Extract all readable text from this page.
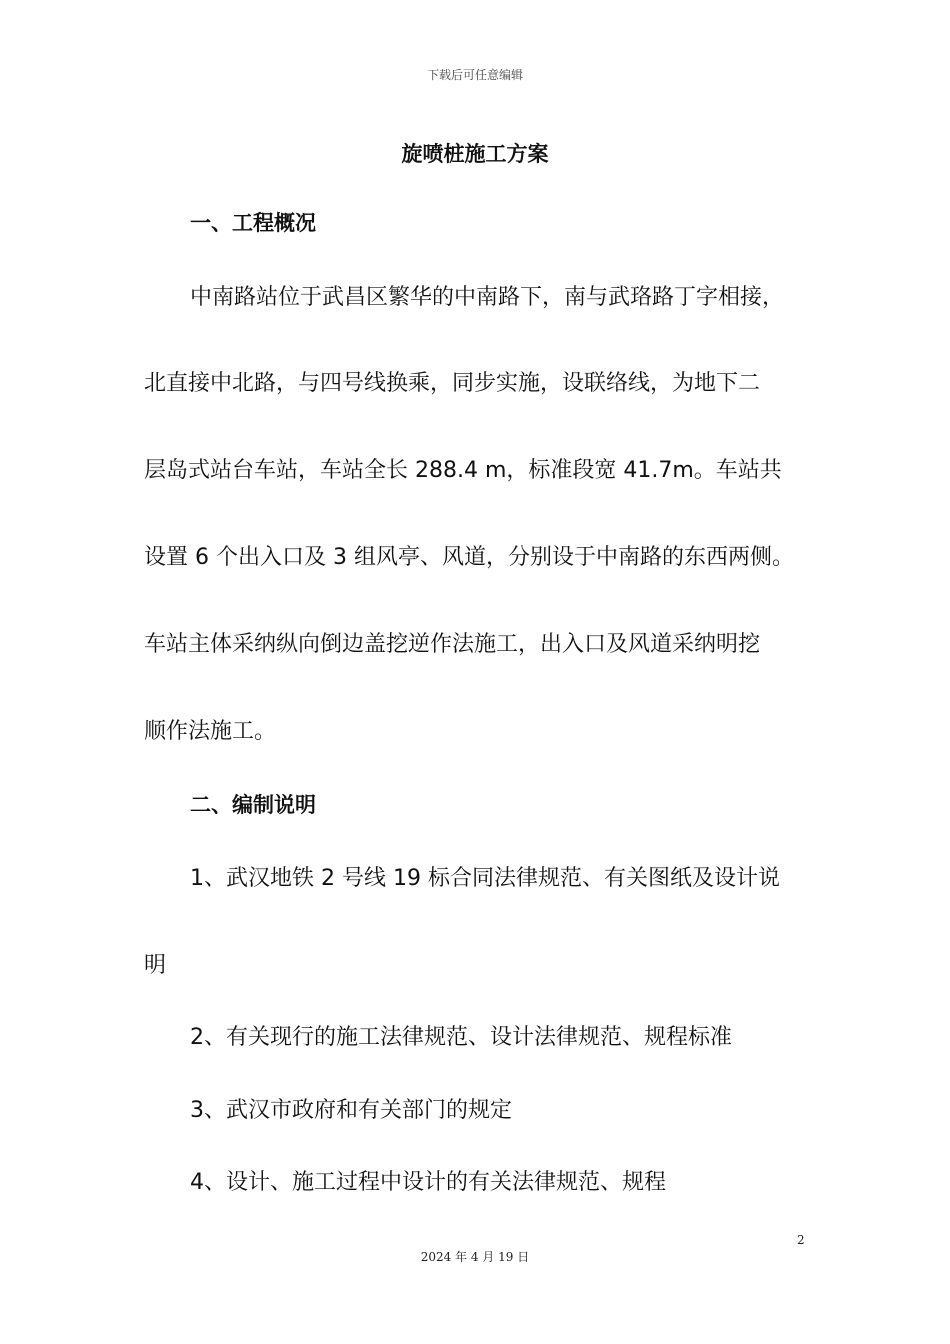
下载后可任意编辑
旋喷桩施工方案
一、工程概况
中南路站位于武昌区繁华的中南路下，南与武珞路丁字相接，
北直接中北路，与四号线换乘，同步实施，设联络线，为地下二
层岛式站台车站，车站全长 288.4 m，标准段宽 41.7m。车站共
设置 6 个出入口及 3 组风亭、风道，分别设于中南路的东西两侧。
车站主体采纳纵向倒边盖挖逆作法施工，出入口及风道采纳明挖
顺作法施工。
二、编制说明
1、武汉地铁 2 号线 19 标合同法律规范、有关图纸及设计说
明
2、有关现行的施工法律规范、设计法律规范、规程标准
3、武汉市政府和有关部门的规定
4、设计、施工过程中设计的有关法律规范、规程
2
2024 年 4 月 19 日
